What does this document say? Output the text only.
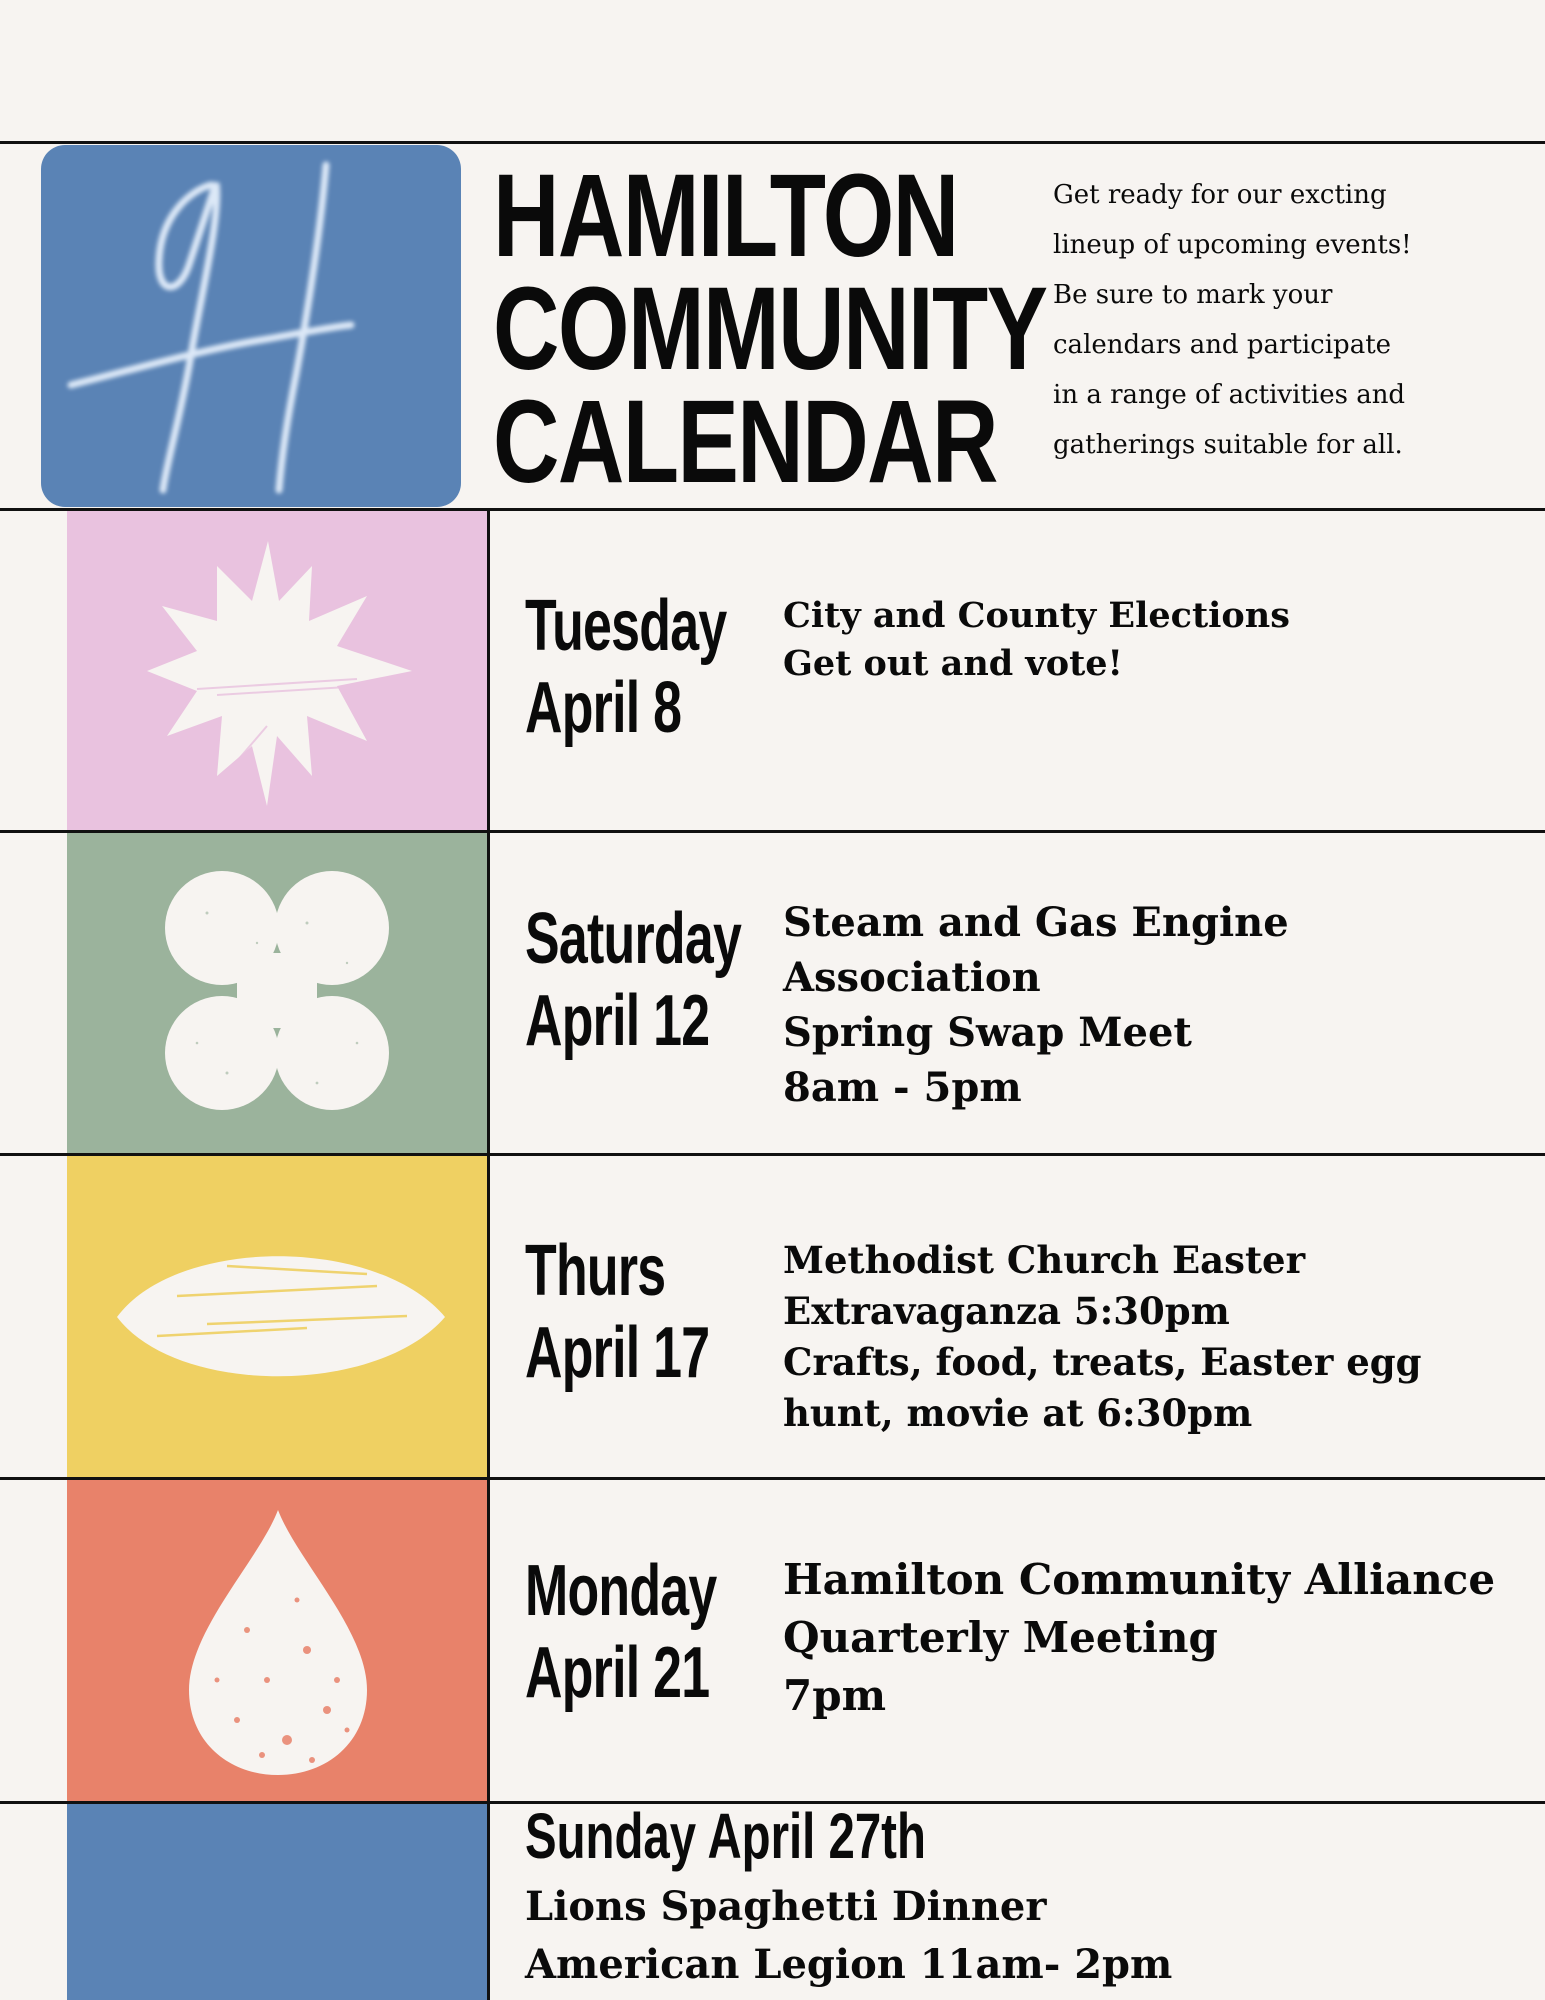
HAMILTON
COMMUNITY
CALENDAR
Get ready for our excting
lineup of upcoming events!
Be sure to mark your
calendars and participate
in a range of activities and
gatherings suitable for all.
Tuesday
April 8
City and County Elections
Get out and vote!
Saturday
April 12
Steam and Gas Engine
Association
Spring Swap Meet
8am - 5pm
Thurs
April 17
Methodist Church Easter
Extravaganza 5:30pm
Crafts, food, treats, Easter egg
hunt, movie at 6:30pm
Monday
April 21
Hamilton Community Alliance
Quarterly Meeting
7pm
Sunday April 27th
Lions Spaghetti Dinner
American Legion 11am- 2pm
